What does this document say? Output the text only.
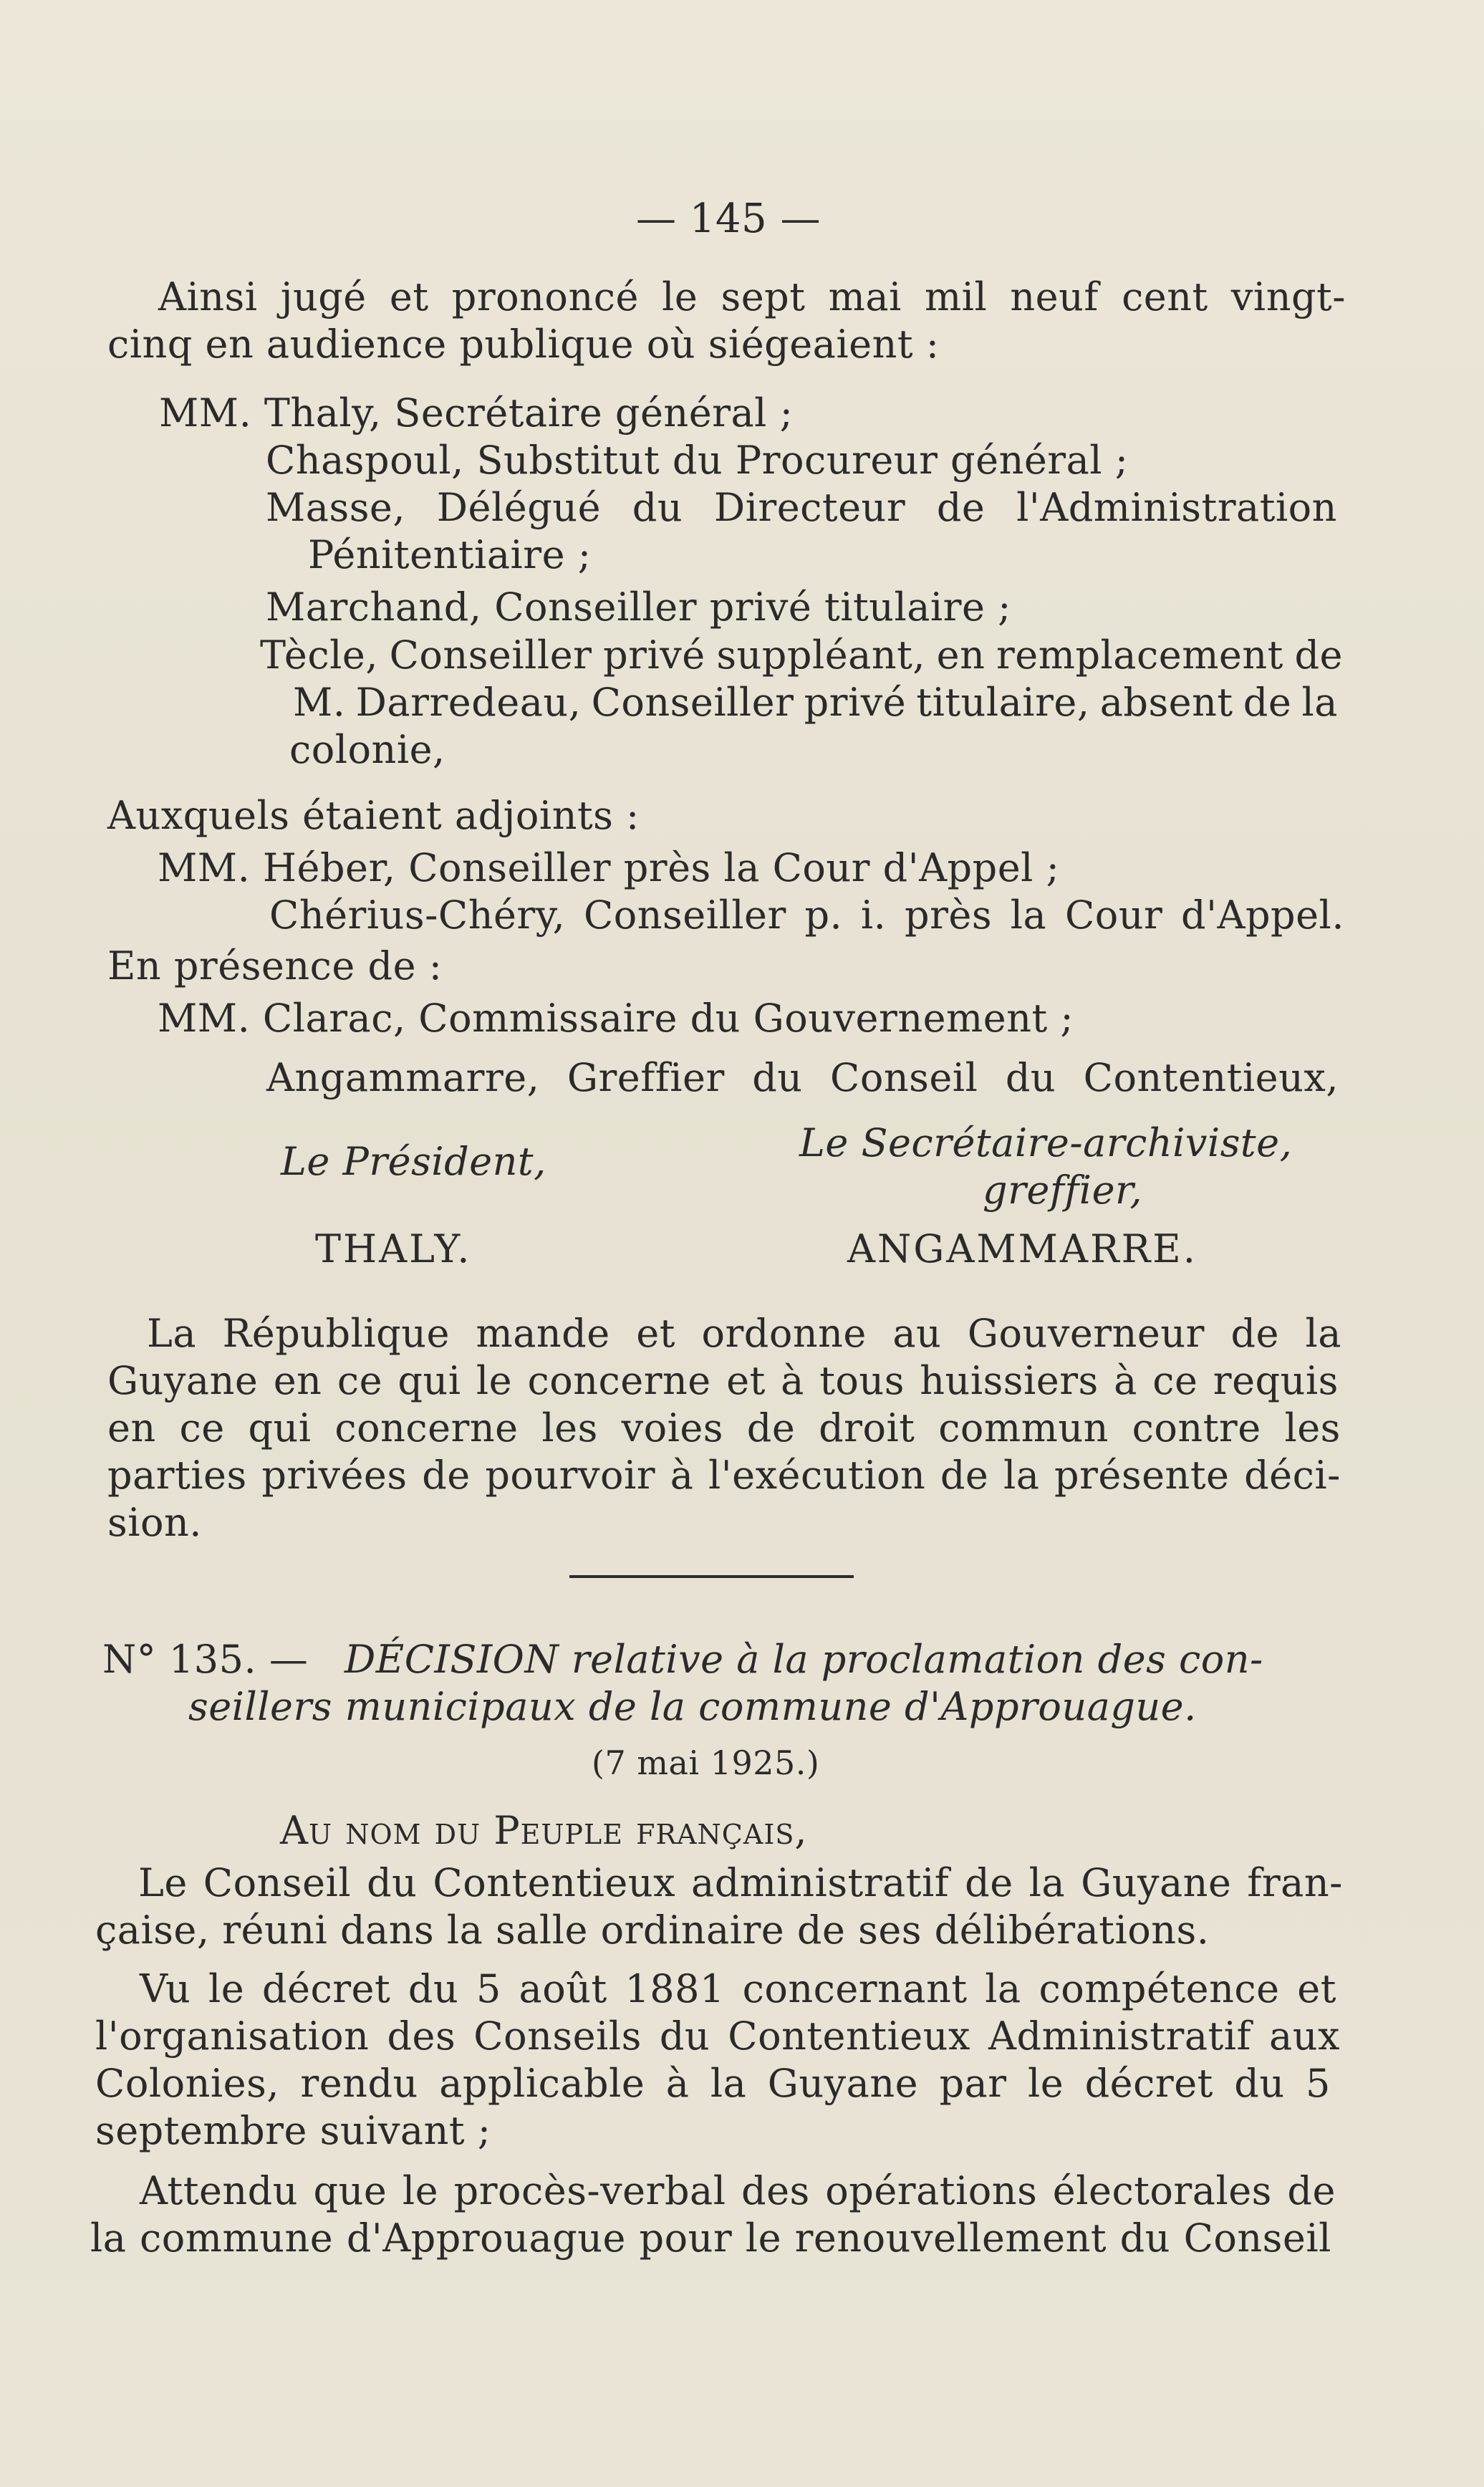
— 145 —
Ainsi jugé et prononcé le sept mai mil neuf cent vingt-
cinq en audience publique où siégeaient :
MM. Thaly, Secrétaire général ;
Chaspoul, Substitut du Procureur général ;
Masse, Délégué du Directeur de l'Administration
Pénitentiaire ;
Marchand, Conseiller privé titulaire ;
Tècle, Conseiller privé suppléant, en remplacement de
M. Darredeau, Conseiller privé titulaire, absent de la
colonie,
Auxquels étaient adjoints :
MM. Héber, Conseiller près la Cour d'Appel ;
Chérius-Chéry, Conseiller p. i. près la Cour d'Appel.
En présence de :
MM. Clarac, Commissaire du Gouvernement ;
Angammarre, Greffier du Conseil du Contentieux,
Le Président,	Le Secrétaire-archiviste,
greffier,
THALY.	ANGAMMARRE.
La République mande et ordonne au Gouverneur de la
Guyane en ce qui le concerne et à tous huissiers à ce requis
en ce qui concerne les voies de droit commun contre les
parties privées de pourvoir à l'exécution de la présente déci-
sion.
N° 135. — DÉCISION relative à la proclamation des con-
seillers municipaux de la commune d'Approuague.
(7 mai 1925.)
Au nom du Peuple français,
Le Conseil du Contentieux administratif de la Guyane fran-
çaise, réuni dans la salle ordinaire de ses délibérations.
Vu le décret du 5 août 1881 concernant la compétence et
l'organisation des Conseils du Contentieux Administratif aux
Colonies, rendu applicable à la Guyane par le décret du 5
septembre suivant ;
Attendu que le procès-verbal des opérations électorales de
la commune d'Approuague pour le renouvellement du Conseil
